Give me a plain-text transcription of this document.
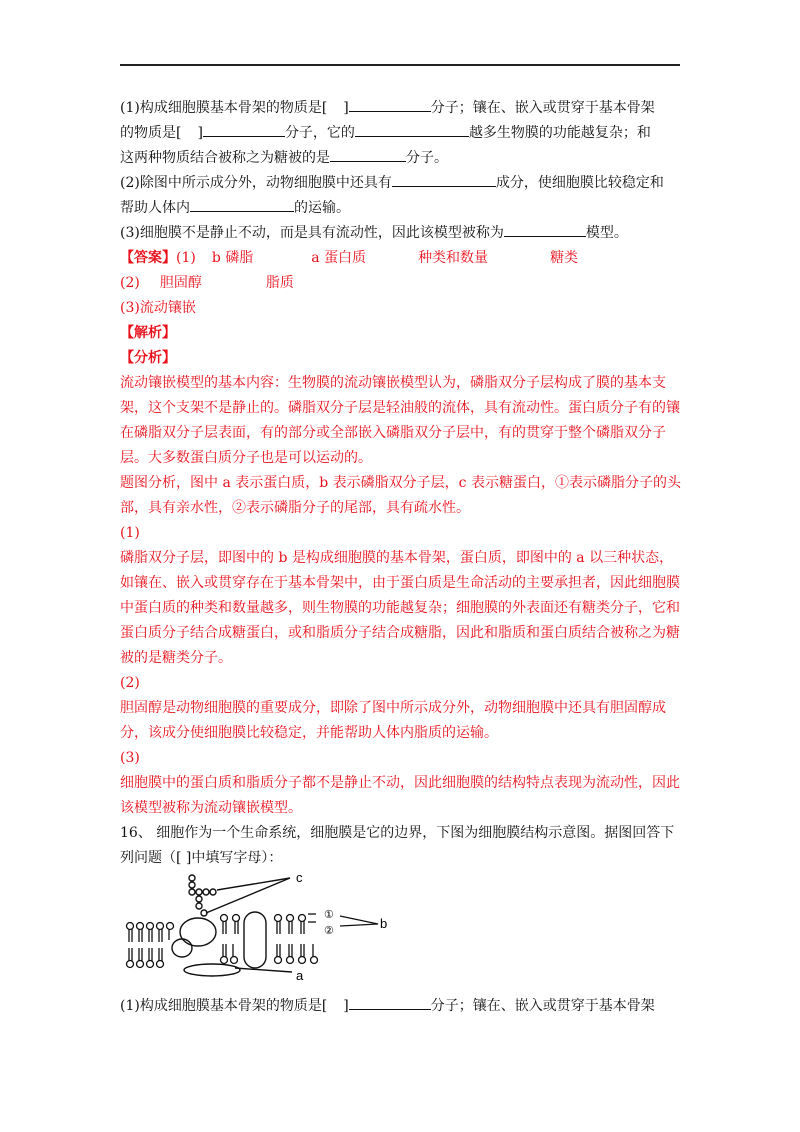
(1)构成细胞膜基本骨架的物质是[ ]	分子；镶在、嵌入或贯穿于基本骨架

的物质是[ ]	分子，它的	越多生物膜的功能越复杂；和

这两种物质结合被称之为糖被的是	分子。

(2)除图中所示成分外，动物细胞膜中还具有	成分，使细胞膜比较稳定和

帮助人体内	的运输。

(3)细胞膜不是静止不动，而是具有流动性，因此该模型被称为	模型。

【答案】(1) b 磷脂	a 蛋白质	种类和数量	糖类

(2) 胆固醇	脂质

(3)流动镶嵌

【解析】

【分析】

流动镶嵌模型的基本内容：生物膜的流动镶嵌模型认为，磷脂双分子层构成了膜的基本支架，这个支架不是静止的。磷脂双分子层是轻油般的流体，具有流动性。蛋白质分子有的镶在磷脂双分子层表面，有的部分或全部嵌入磷脂双分子层中，有的贯穿于整个磷脂双分子层。大多数蛋白质分子也是可以运动的。

题图分析，图中 a 表示蛋白质，b 表示磷脂双分子层，c 表示糖蛋白，①表示磷脂分子的头部，具有亲水性，②表示磷脂分子的尾部，具有疏水性。

(1)

磷脂双分子层，即图中的 b 是构成细胞膜的基本骨架，蛋白质，即图中的 a 以三种状态，如镶在、嵌入或贯穿存在于基本骨架中，由于蛋白质是生命活动的主要承担者，因此细胞膜中蛋白质的种类和数量越多，则生物膜的功能越复杂；细胞膜的外表面还有糖类分子，它和蛋白质分子结合成糖蛋白，或和脂质分子结合成糖脂，因此和脂质和蛋白质结合被称之为糖被的是糖类分子。

(2)

胆固醇是动物细胞膜的重要成分，即除了图中所示成分外，动物细胞膜中还具有胆固醇成分，该成分使细胞膜比较稳定，并能帮助人体内脂质的运输。

(3)

细胞膜中的蛋白质和脂质分子都不是静止不动，因此细胞膜的结构特点表现为流动性，因此该模型被称为流动镶嵌模型。

16、 细胞作为一个生命系统，细胞膜是它的边界，下图为细胞膜结构示意图。据图回答下列问题（[ ]中填写字母）：

c
①
②	b
a

(1)构成细胞膜基本骨架的物质是[ ]	分子；镶在、嵌入或贯穿于基本骨架
